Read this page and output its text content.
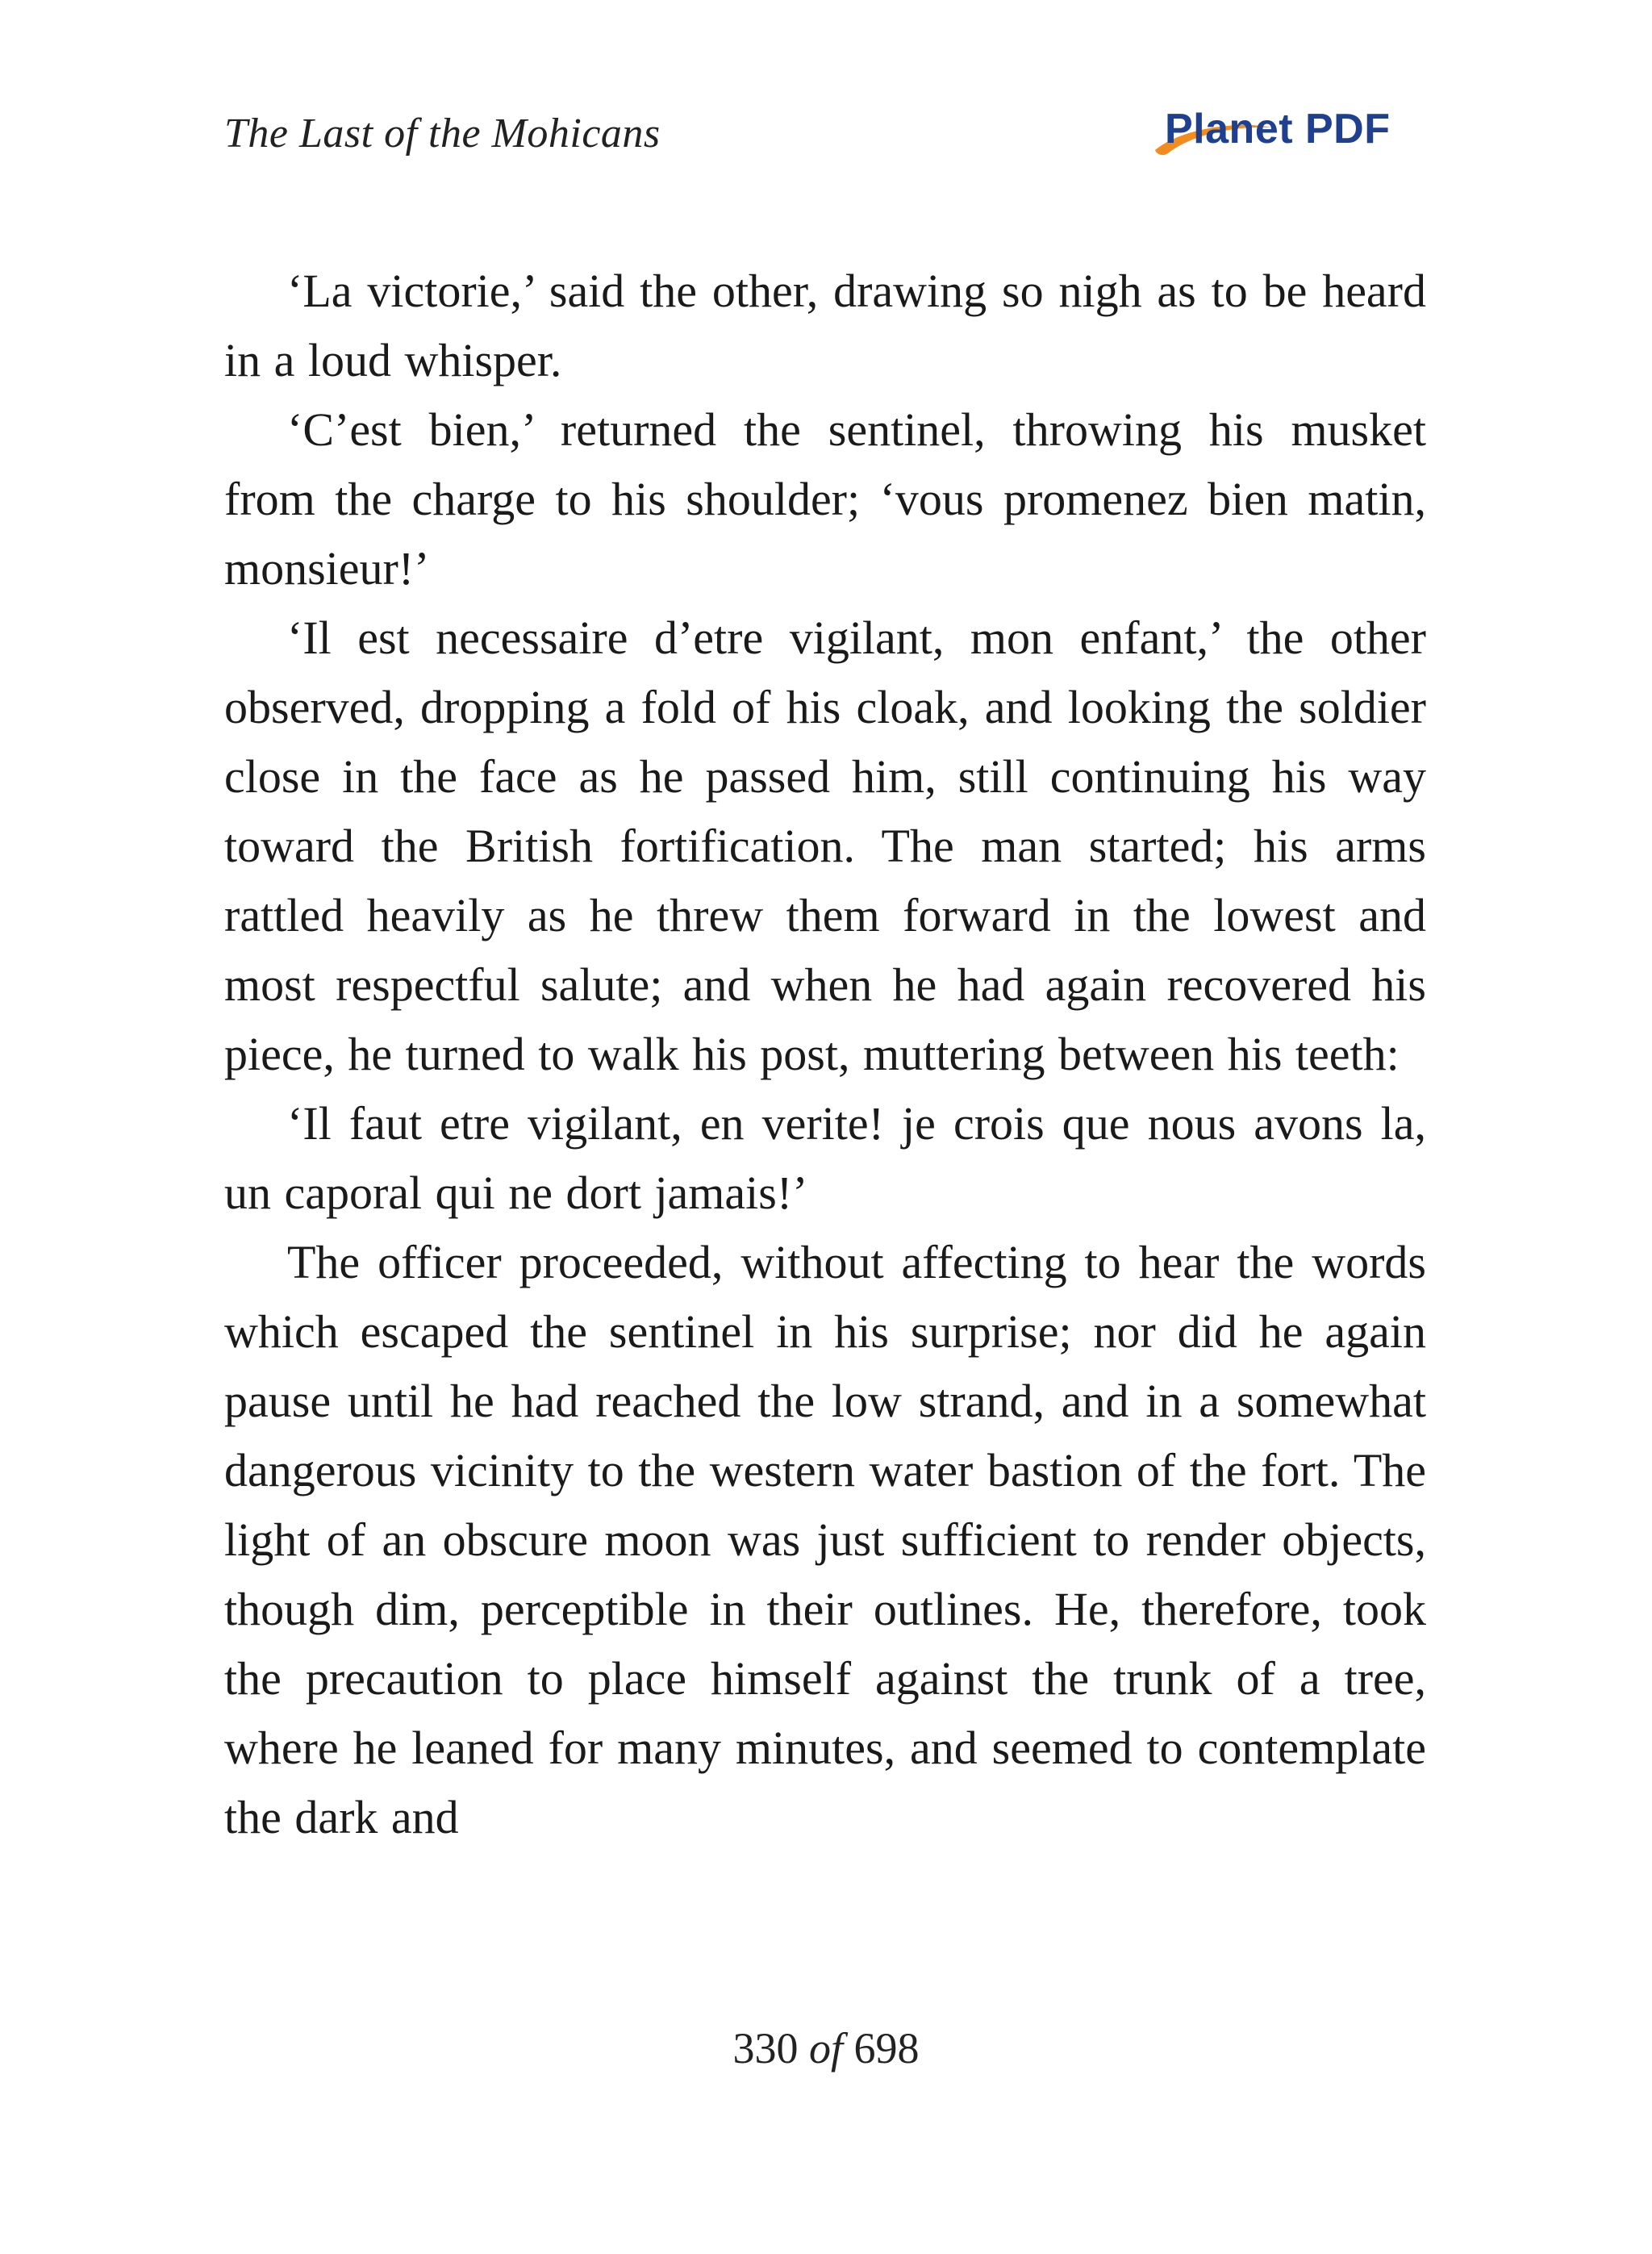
The Last of the Mohicans	Planet PDF

‘La victorie,’ said the other, drawing so nigh as to be heard in a loud whisper.

‘C’est bien,’ returned the sentinel, throwing his musket from the charge to his shoulder; ‘vous promenez bien matin, monsieur!’

‘Il est necessaire d’etre vigilant, mon enfant,’ the other observed, dropping a fold of his cloak, and looking the soldier close in the face as he passed him, still continuing his way toward the British fortification. The man started; his arms rattled heavily as he threw them forward in the lowest and most respectful salute; and when he had again recovered his piece, he turned to walk his post, muttering between his teeth:

‘Il faut etre vigilant, en verite! je crois que nous avons la, un caporal qui ne dort jamais!’

The officer proceeded, without affecting to hear the words which escaped the sentinel in his surprise; nor did he again pause until he had reached the low strand, and in a somewhat dangerous vicinity to the western water bastion of the fort. The light of an obscure moon was just sufficient to render objects, though dim, perceptible in their outlines. He, therefore, took the precaution to place himself against the trunk of a tree, where he leaned for many minutes, and seemed to contemplate the dark and

330 of 698
